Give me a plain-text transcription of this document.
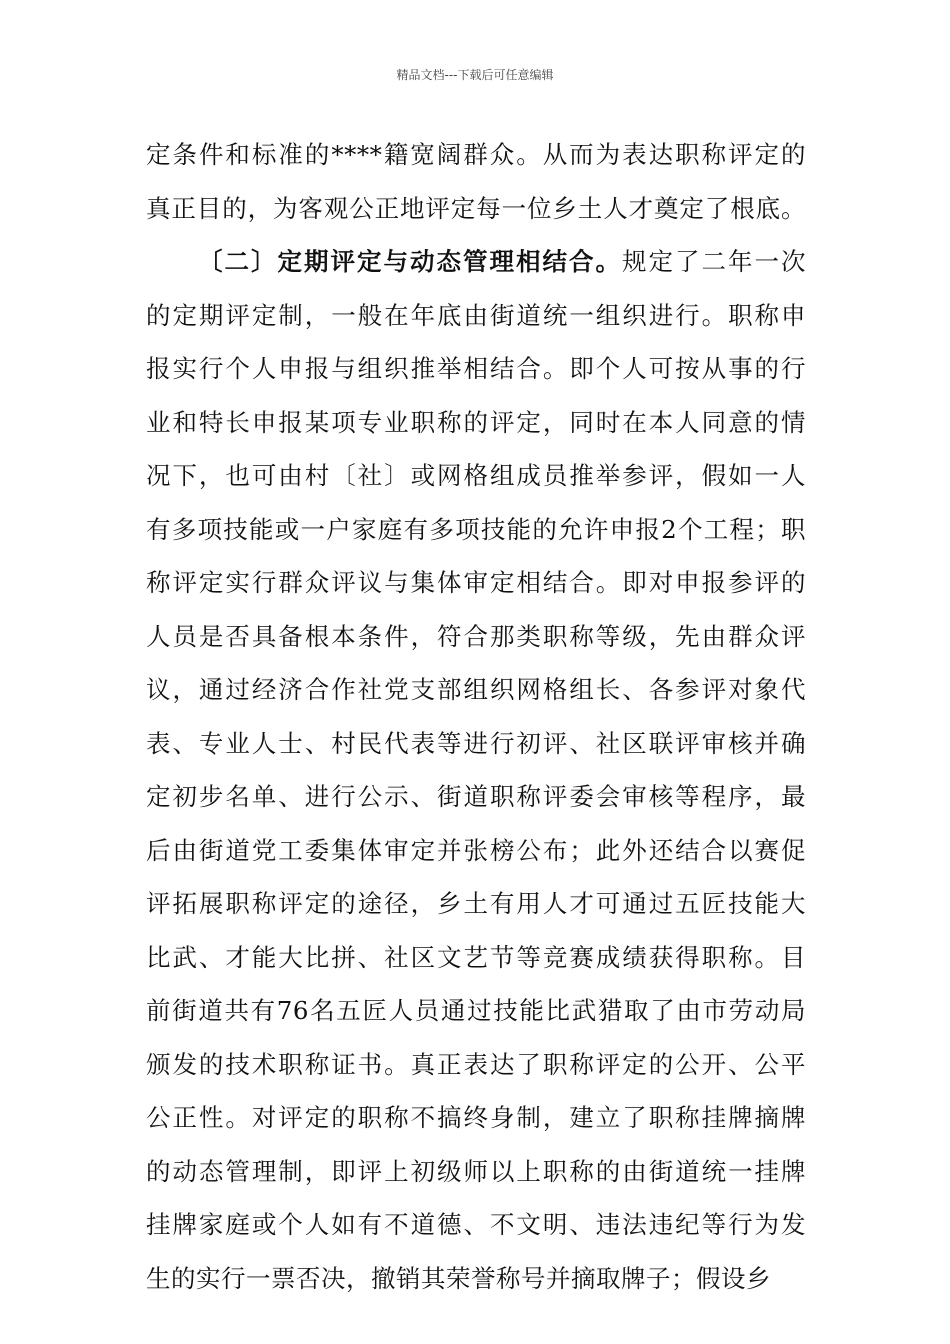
精品文档---下载后可任意编辑
定条件和标准的****籍宽阔群众。从而为表达职称评定的
真正目的，为客观公正地评定每一位乡土人才奠定了根底。
〔二〕定期评定与动态管理相结合。规定了二年一次
的定期评定制，一般在年底由街道统一组织进行。职称申
报实行个人申报与组织推举相结合。即个人可按从事的行
业和特长申报某项专业职称的评定，同时在本人同意的情
况下，也可由村〔社〕或网格组成员推举参评，假如一人
有多项技能或一户家庭有多项技能的允许申报2个工程；职
称评定实行群众评议与集体审定相结合。即对申报参评的
人员是否具备根本条件，符合那类职称等级，先由群众评
议，通过经济合作社党支部组织网格组长、各参评对象代
表、专业人士、村民代表等进行初评、社区联评审核并确
定初步名单、进行公示、街道职称评委会审核等程序，最
后由街道党工委集体审定并张榜公布；此外还结合以赛促
评拓展职称评定的途径，乡土有用人才可通过五匠技能大
比武、才能大比拼、社区文艺节等竞赛成绩获得职称。目
前街道共有76名五匠人员通过技能比武猎取了由市劳动局
颁发的技术职称证书。真正表达了职称评定的公开、公平
公正性。对评定的职称不搞终身制，建立了职称挂牌摘牌
的动态管理制，即评上初级师以上职称的由街道统一挂牌
挂牌家庭或个人如有不道德、不文明、违法违纪等行为发
生的实行一票否决，撤销其荣誉称号并摘取牌子；假设乡
